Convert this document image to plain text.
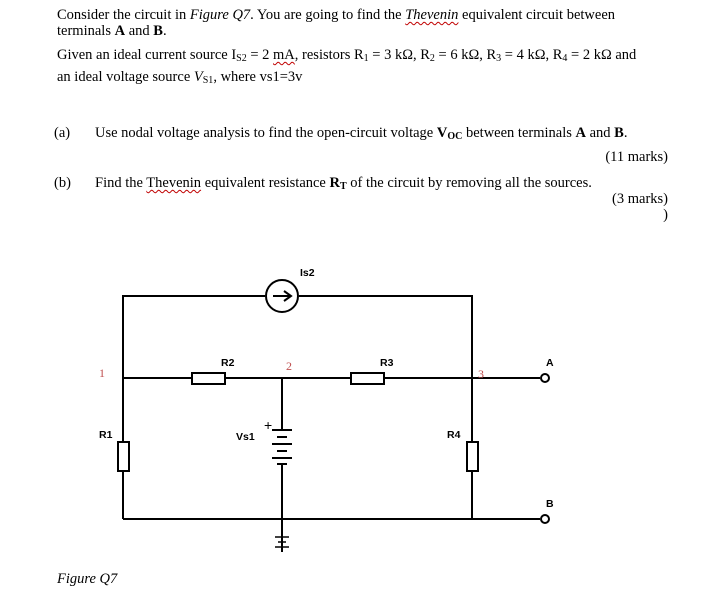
Consider the circuit in Figure Q7. You are going to find the Thevenin equivalent circuit between
terminals A and B.
Given an ideal current source $I_{S2} = 2$ mA, resistors $R_1 = 3$ kΩ, $R_2 = 6$ kΩ, $R_3 = 4$ kΩ, $R_4 = 2$ kΩ and
an ideal voltage source $V_{S1}$, where vs1=3v
(a) Use nodal voltage analysis to find the open-circuit voltage $V_{OC}$ between terminals A and B.
(11 marks)
(b) Find the Thevenin equivalent resistance $R_T$ of the circuit by removing all the sources.
(3 marks)
)
Is2
R2	R3
R1	R4
Vs1
+
A
B
1	2
3
Figure Q7
